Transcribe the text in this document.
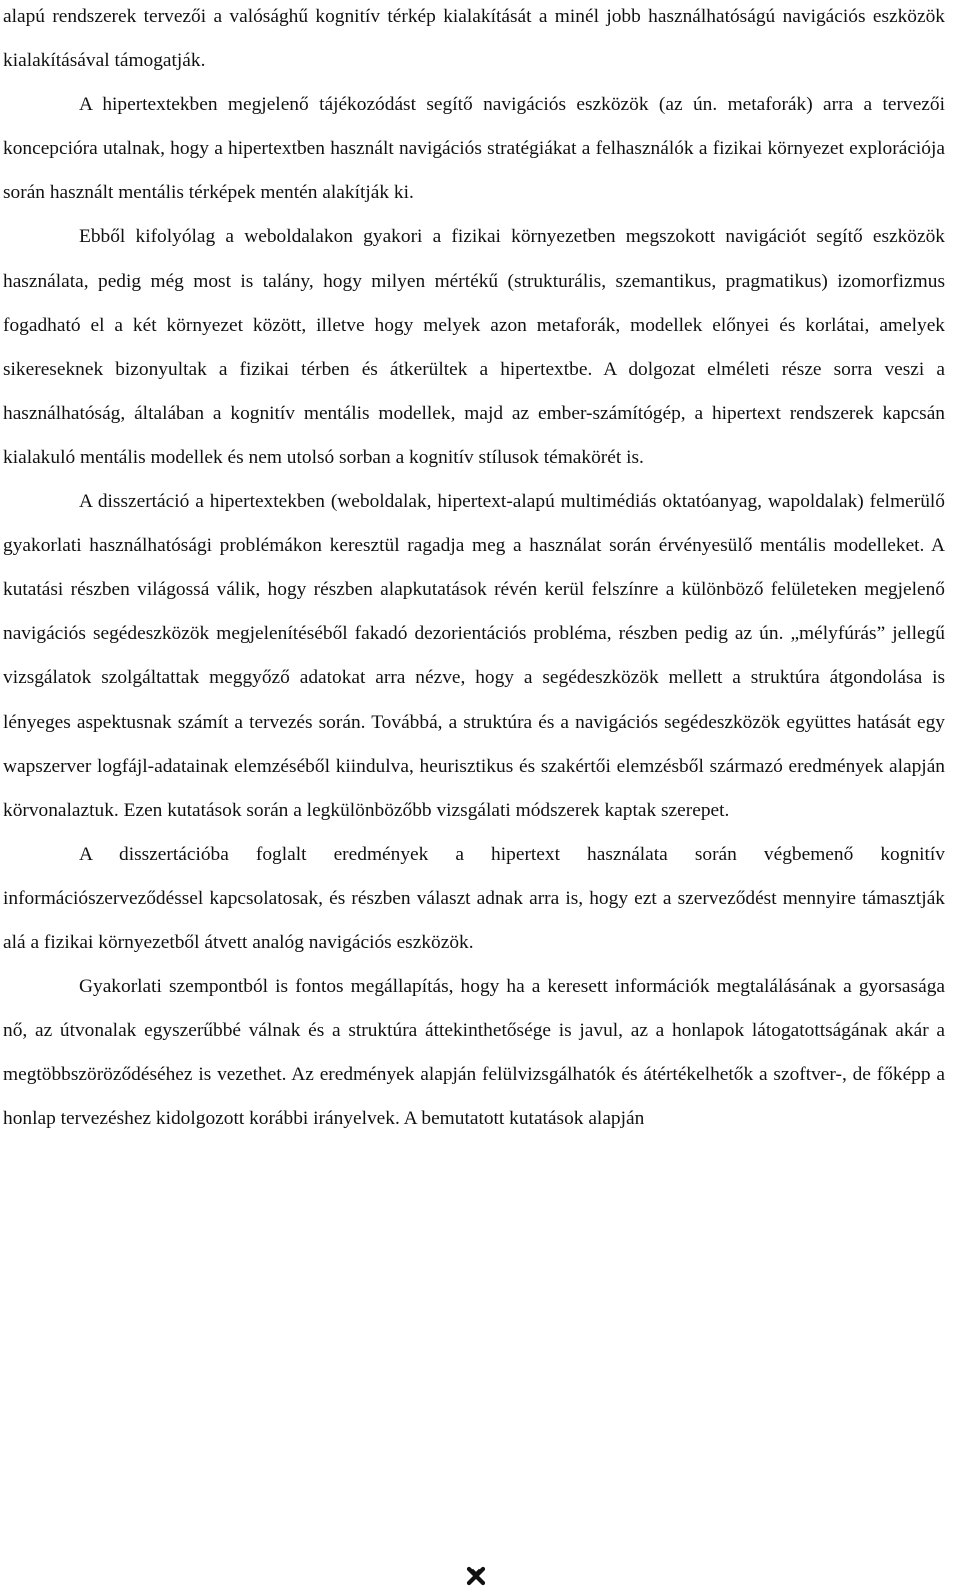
alapú rendszerek tervezői a valósághű kognitív térkép kialakítását a minél jobb használhatóságú navigációs eszközök kialakításával támogatják.

A hipertextekben megjelenő tájékozódást segítő navigációs eszközök (az ún. metaforák) arra a tervezői koncepcióra utalnak, hogy a hipertextben használt navigációs stratégiákat a felhasználók a fizikai környezet explorációja során használt mentális térképek mentén alakítják ki.

Ebből kifolyólag a weboldalakon gyakori a fizikai környezetben megszokott navigációt segítő eszközök használata, pedig még most is talány, hogy milyen mértékű (strukturális, szemantikus, pragmatikus) izomorfizmus fogadható el a két környezet között, illetve hogy melyek azon metaforák, modellek előnyei és korlátai, amelyek sikereseknek bizonyultak a fizikai térben és átkerültek a hipertextbe. A dolgozat elméleti része sorra veszi a használhatóság, általában a kognitív mentális modellek, majd az ember-számítógép, a hipertext rendszerek kapcsán kialakuló mentális modellek és nem utolsó sorban a kognitív stílusok témakörét is.

A disszertáció a hipertextekben (weboldalak, hipertext-alapú multimédiás oktatóanyag, wapoldalak) felmerülő gyakorlati használhatósági problémákon keresztül ragadja meg a használat során érvényesülő mentális modelleket. A kutatási részben világossá válik, hogy részben alapkutatások révén kerül felszínre a különböző felületeken megjelenő navigációs segédeszközök megjelenítéséből fakadó dezorientációs probléma, részben pedig az ún. „mélyfúrás” jellegű vizsgálatok szolgáltattak meggyőző adatokat arra nézve, hogy a segédeszközök mellett a struktúra átgondolása is lényeges aspektusnak számít a tervezés során. Továbbá, a struktúra és a navigációs segédeszközök együttes hatását egy wapszerver logfájl-adatainak elemzéséből kiindulva, heurisztikus és szakértői elemzésből származó eredmények alapján körvonalaztuk. Ezen kutatások során a legkülönbözőbb vizsgálati módszerek kaptak szerepet.

A disszertációba foglalt eredmények a hipertext használata során végbemenő kognitív információszerveződéssel kapcsolatosak, és részben választ adnak arra is, hogy ezt a szerveződést mennyire támasztják alá a fizikai környezetből átvett analóg navigációs eszközök.

Gyakorlati szempontból is fontos megállapítás, hogy ha a keresett információk megtalálásának a gyorsasága nő, az útvonalak egyszerűbbé válnak és a struktúra áttekinthetősége is javul, az a honlapok látogatottságának akár a megtöbbszöröződéséhez is vezethet. Az eredmények alapján felülvizsgálhatók és átértékelhetők a szoftver-, de főképp a honlap tervezéshez kidolgozott korábbi irányelvek. A bemutatott kutatások alapján
